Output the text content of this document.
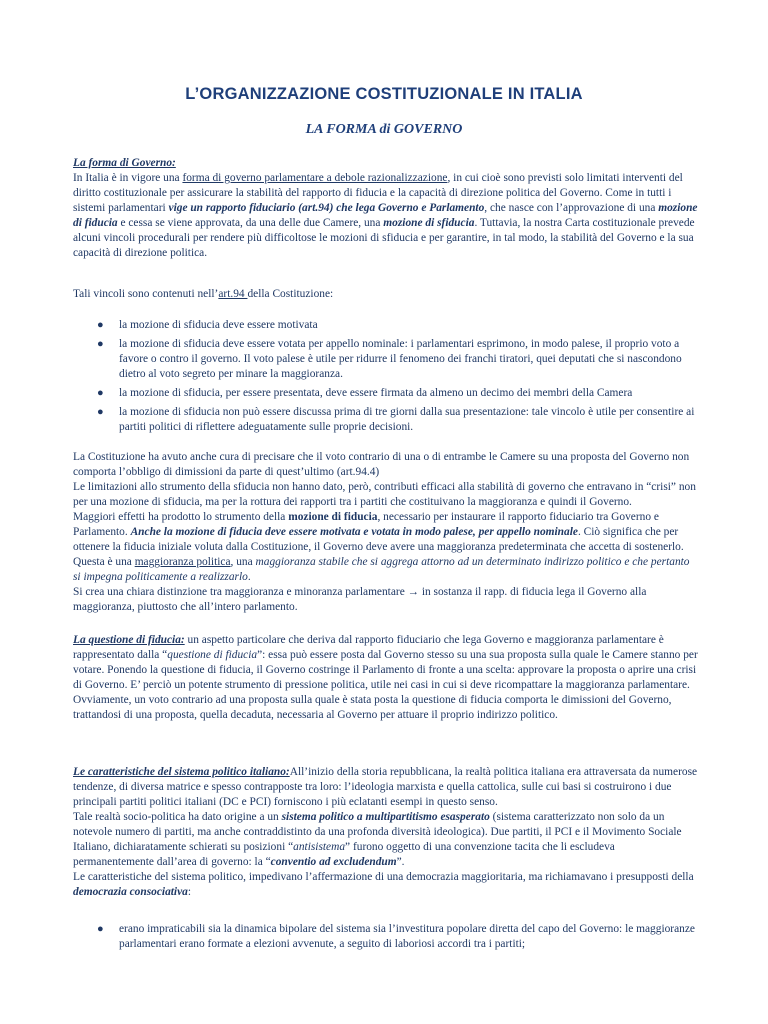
L’ORGANIZZAZIONE COSTITUZIONALE IN ITALIA
LA FORMA di GOVERNO

La forma di Governo:
In Italia è in vigore una forma di governo parlamentare a debole razionalizzazione, in cui cioè sono previsti solo limitati interventi del diritto costituzionale per assicurare la stabilità del rapporto di fiducia e la capacità di direzione politica del Governo. Come in tutti i sistemi parlamentari vige un rapporto fiduciario (art.94) che lega Governo e Parlamento, che nasce con l’approvazione di una mozione di fiducia e cessa se viene approvata, da una delle due Camere, una mozione di sfiducia. Tuttavia, la nostra Carta costituzionale prevede alcuni vincoli procedurali per rendere più difficoltose le mozioni di sfiducia e per garantire, in tal modo, la stabilità del Governo e la sua capacità di direzione politica.

Tali vincoli sono contenuti nell’art.94 della Costituzione:

● la mozione di sfiducia deve essere motivata
● la mozione di sfiducia deve essere votata per appello nominale: i parlamentari esprimono, in modo palese, il proprio voto a favore o contro il governo. Il voto palese è utile per ridurre il fenomeno dei franchi tiratori, quei deputati che si nascondono dietro al voto segreto per minare la maggioranza.
● la mozione di sfiducia, per essere presentata, deve essere firmata da almeno un decimo dei membri della Camera
● la mozione di sfiducia non può essere discussa prima di tre giorni dalla sua presentazione: tale vincolo è utile per consentire ai partiti politici di riflettere adeguatamente sulle proprie decisioni.

La Costituzione ha avuto anche cura di precisare che il voto contrario di una o di entrambe le Camere su una proposta del Governo non comporta l’obbligo di dimissioni da parte di quest’ultimo (art.94.4)
Le limitazioni allo strumento della sfiducia non hanno dato, però, contributi efficaci alla stabilità di governo che entravano in “crisi” non per una mozione di sfiducia, ma per la rottura dei rapporti tra i partiti che costituivano la maggioranza e quindi il Governo.
Maggiori effetti ha prodotto lo strumento della mozione di fiducia, necessario per instaurare il rapporto fiduciario tra Governo e Parlamento. Anche la mozione di fiducia deve essere motivata e votata in modo palese, per appello nominale. Ciò significa che per ottenere la fiducia iniziale voluta dalla Costituzione, il Governo deve avere una maggioranza predeterminata che accetta di sostenerlo. Questa è una maggioranza politica, una maggioranza stabile che si aggrega attorno ad un determinato indirizzo politico e che pertanto si impegna politicamente a realizzarlo.
Si crea una chiara distinzione tra maggioranza e minoranza parlamentare → in sostanza il rapp. di fiducia lega il Governo alla maggioranza, piuttosto che all’intero parlamento.

La questione di fiducia: un aspetto particolare che deriva dal rapporto fiduciario che lega Governo e maggioranza parlamentare è rappresentato dalla “questione di fiducia”: essa può essere posta dal Governo stesso su una sua proposta sulla quale le Camere stanno per votare. Ponendo la questione di fiducia, il Governo costringe il Parlamento di fronte a una scelta: approvare la proposta o aprire una crisi di Governo. E’ perciò un potente strumento di pressione politica, utile nei casi in cui si deve ricompattare la maggioranza parlamentare. Ovviamente, un voto contrario ad una proposta sulla quale è stata posta la questione di fiducia comporta le dimissioni del Governo, trattandosi di una proposta, quella decaduta, necessaria al Governo per attuare il proprio indirizzo politico.

Le caratteristiche del sistema politico italiano:All’inizio della storia repubblicana, la realtà politica italiana era attraversata da numerose tendenze, di diversa matrice e spesso contrapposte tra loro: l’ideologia marxista e quella cattolica, sulle cui basi si costruirono i due principali partiti politici italiani (DC e PCI) forniscono i più eclatanti esempi in questo senso.
Tale realtà socio-politica ha dato origine a un sistema politico a multipartitismo esasperato (sistema caratterizzato non solo da un notevole numero di partiti, ma anche contraddistinto da una profonda diversità ideologica). Due partiti, il PCI e il Movimento Sociale Italiano, dichiaratamente schierati su posizioni “antisistema” furono oggetto di una convenzione tacita che li escludeva permanentemente dall’area di governo: la “conventio ad excludendum”.
Le caratteristiche del sistema politico, impedivano l’affermazione di una democrazia maggioritaria, ma richiamavano i presupposti della democrazia consociativa:

● erano impraticabili sia la dinamica bipolare del sistema sia l’investitura popolare diretta del capo del Governo: le maggioranze parlamentari erano formate a elezioni avvenute, a seguito di laboriosi accordi tra i partiti;
